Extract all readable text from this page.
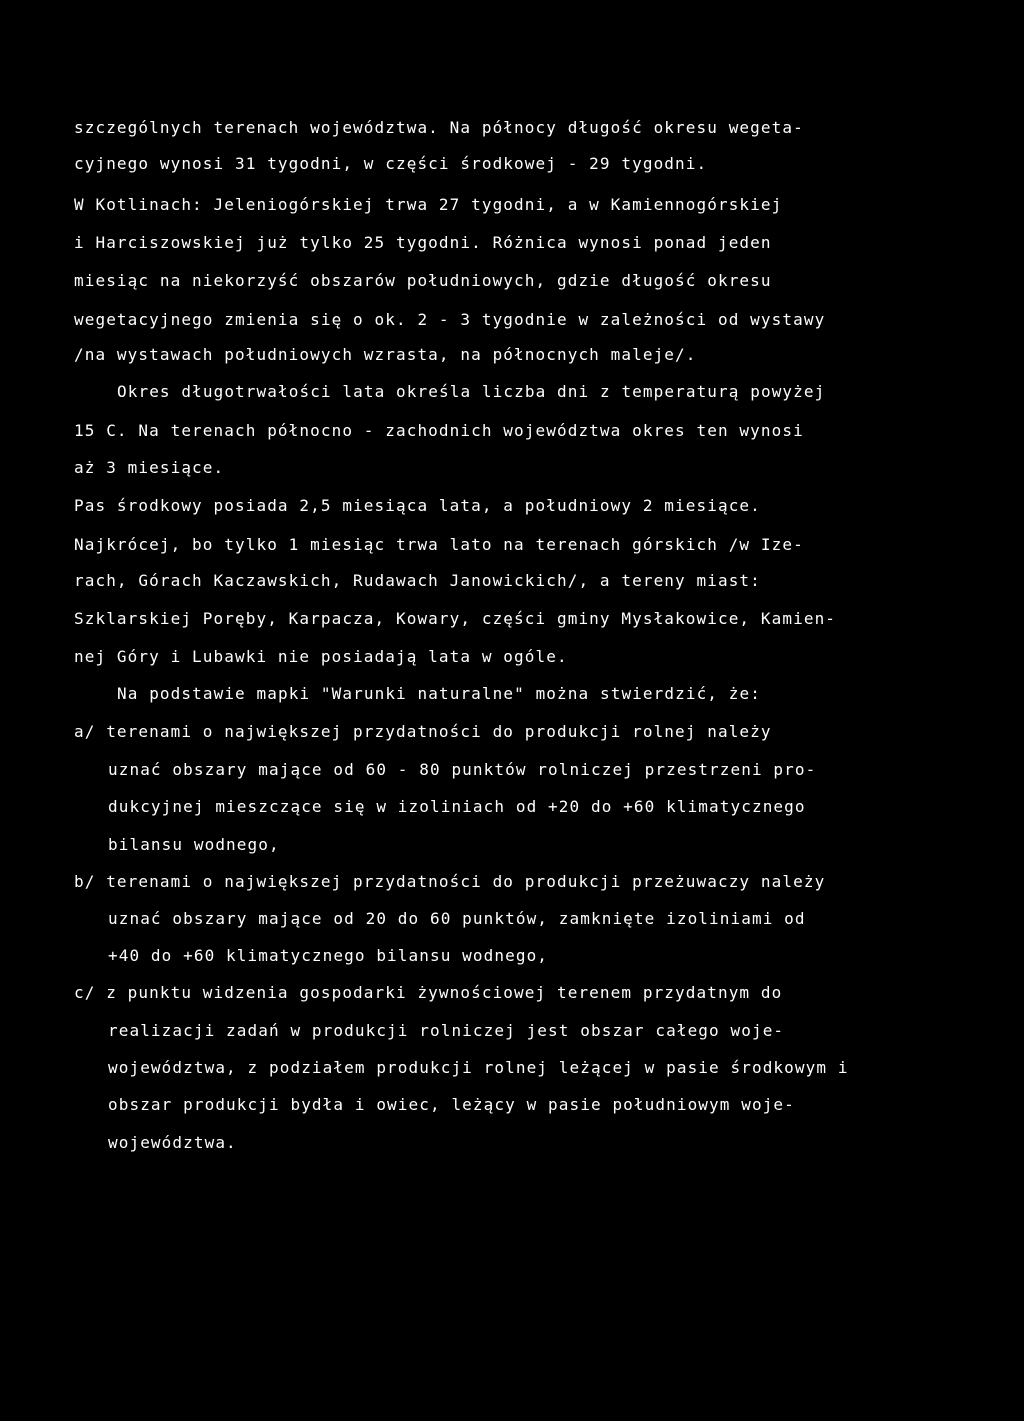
szczególnych terenach województwa. Na północy długość okresu wegeta-
cyjnego wynosi 31 tygodni, w części środkowej - 29 tygodni.
W Kotlinach: Jeleniogórskiej trwa 27 tygodni, a w Kamiennogórskiej
i Harciszowskiej już tylko 25 tygodni. Różnica wynosi ponad jeden
miesiąc na niekorzyść obszarów południowych, gdzie długość okresu
wegetacyjnego zmienia się o ok. 2 - 3 tygodnie w zależności od wystawy
/na wystawach południowych wzrasta, na północnych maleje/.
Okres długotrwałości lata określa liczba dni z temperaturą powyżej
15 C. Na terenach północno - zachodnich województwa okres ten wynosi
aż 3 miesiące.
Pas środkowy posiada 2,5 miesiąca lata, a południowy 2 miesiące.
Najkrócej, bo tylko 1 miesiąc trwa lato na terenach górskich /w Ize-
rach, Górach Kaczawskich, Rudawach Janowickich/, a tereny miast:
Szklarskiej Poręby, Karpacza, Kowary, części gminy Mysłakowice, Kamien-
nej Góry i Lubawki nie posiadają lata w ogóle.
Na podstawie mapki "Warunki naturalne" można stwierdzić, że:
a/ terenami o największej przydatności do produkcji rolnej należy
uznać obszary mające od 60 - 80 punktów rolniczej przestrzeni pro-
dukcyjnej mieszczące się w izoliniach od +20 do +60 klimatycznego
bilansu wodnego,
b/ terenami o największej przydatności do produkcji przeżuwaczy należy
uznać obszary mające od 20 do 60 punktów, zamknięte izoliniami od
+40 do +60 klimatycznego bilansu wodnego,
c/ z punktu widzenia gospodarki żywnościowej terenem przydatnym do
realizacji zadań w produkcji rolniczej jest obszar całego woje-
województwa, z podziałem produkcji rolnej leżącej w pasie środkowym i
obszar produkcji bydła i owiec, leżący w pasie południowym woje-
województwa.
